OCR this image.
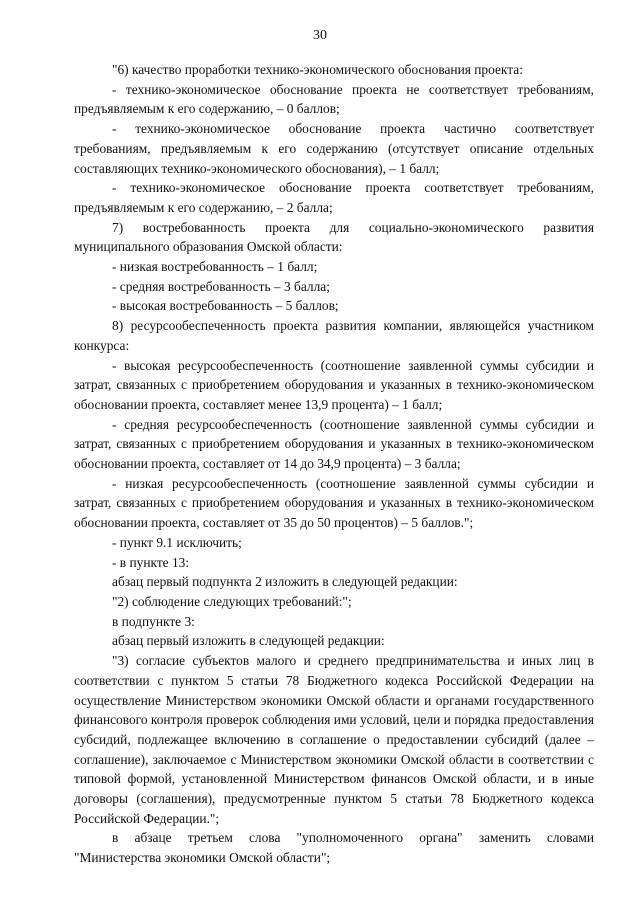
30

"6) качество проработки технико-экономического обоснования проекта:

- технико-экономическое обоснование проекта не соответствует требованиям, предъявляемым к его содержанию, – 0 баллов;

- технико-экономическое обоснование проекта частично соответствует требованиям, предъявляемым к его содержанию (отсутствует описание отдельных составляющих технико-экономического обоснования), – 1 балл;

- технико-экономическое обоснование проекта соответствует требованиям, предъявляемым к его содержанию, – 2 балла;

7) востребованность проекта для социально-экономического развития муниципального образования Омской области:

- низкая востребованность – 1 балл;

- средняя востребованность – 3 балла;

- высокая востребованность – 5 баллов;

8) ресурсообеспеченность проекта развития компании, являющейся участником конкурса:

- высокая ресурсообеспеченность (соотношение заявленной суммы субсидии и затрат, связанных с приобретением оборудования и указанных в технико-экономическом обосновании проекта, составляет менее 13,9 процента) – 1 балл;

- средняя ресурсообеспеченность (соотношение заявленной суммы субсидии и затрат, связанных с приобретением оборудования и указанных в технико-экономическом обосновании проекта, составляет от 14 до 34,9 процента) – 3 балла;

- низкая ресурсообеспеченность (соотношение заявленной суммы субсидии и затрат, связанных с приобретением оборудования и указанных в технико-экономическом обосновании проекта, составляет от 35 до 50 процентов) – 5 баллов.";

- пункт 9.1 исключить;

- в пункте 13:

абзац первый подпункта 2 изложить в следующей редакции:

"2) соблюдение следующих требований:";

в подпункте 3:

абзац первый изложить в следующей редакции:

"3) согласие субъектов малого и среднего предпринимательства и иных лиц в соответствии с пунктом 5 статьи 78 Бюджетного кодекса Российской Федерации на осуществление Министерством экономики Омской области и органами государственного финансового контроля проверок соблюдения ими условий, цели и порядка предоставления субсидий, подлежащее включению в соглашение о предоставлении субсидий (далее – соглашение), заключаемое с Министерством экономики Омской области в соответствии с типовой формой, установленной Министерством финансов Омской области, и в иные договоры (соглашения), предусмотренные пунктом 5 статьи 78 Бюджетного кодекса Российской Федерации.";

в абзаце третьем слова "уполномоченного органа" заменить словами "Министерства экономики Омской области";
